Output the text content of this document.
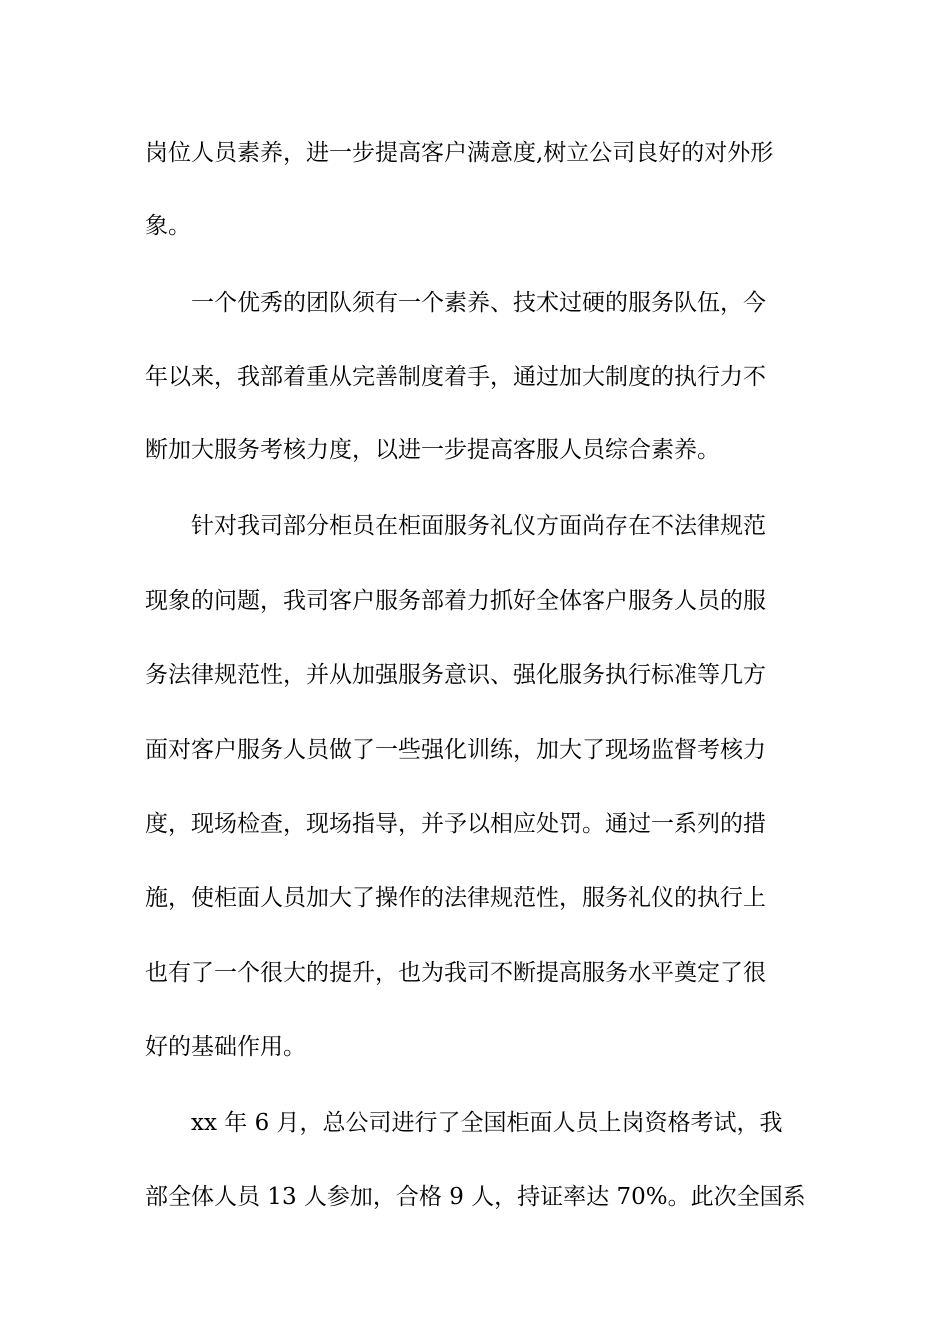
岗位人员素养，进一步提高客户满意度,树立公司良好的对外形
象。
一个优秀的团队须有一个素养、技术过硬的服务队伍，今
年以来，我部着重从完善制度着手，通过加大制度的执行力不
断加大服务考核力度，以进一步提高客服人员综合素养。
针对我司部分柜员在柜面服务礼仪方面尚存在不法律规范
现象的问题，我司客户服务部着力抓好全体客户服务人员的服
务法律规范性，并从加强服务意识、强化服务执行标准等几方
面对客户服务人员做了一些强化训练，加大了现场监督考核力
度，现场检查，现场指导，并予以相应处罚。通过一系列的措
施，使柜面人员加大了操作的法律规范性，服务礼仪的执行上
也有了一个很大的提升，也为我司不断提高服务水平奠定了很
好的基础作用。
xx 年 6 月，总公司进行了全国柜面人员上岗资格考试，我
部全体人员 13 人参加，合格 9 人，持证率达 70%。此次全国系
